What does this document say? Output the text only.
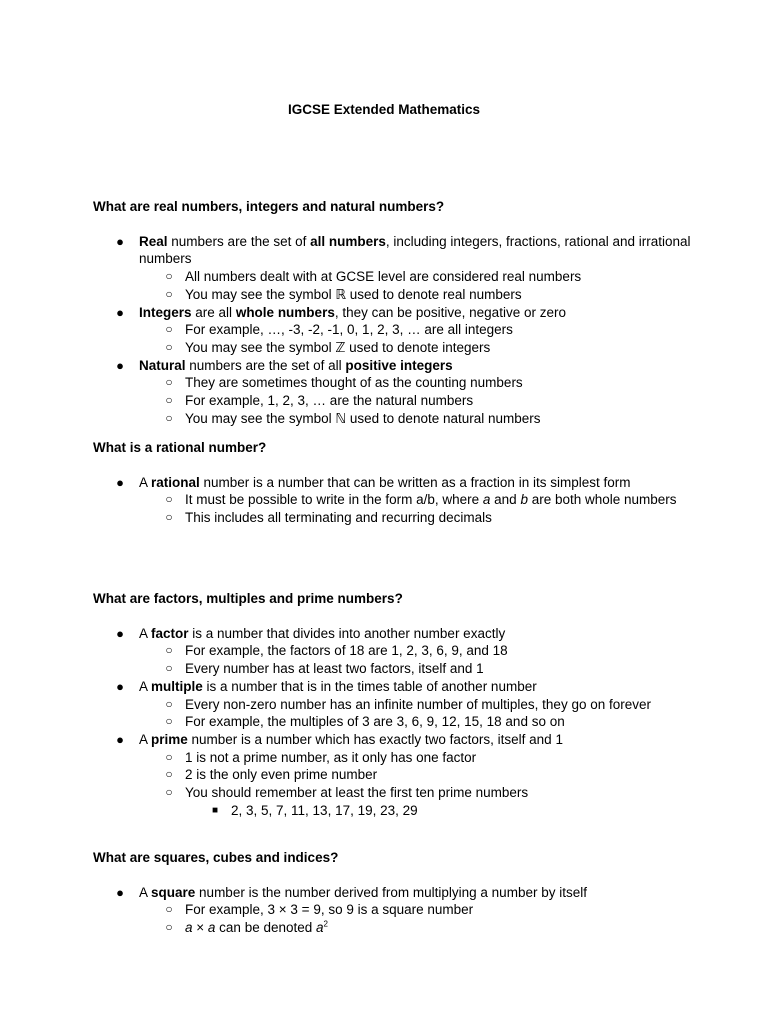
IGCSE Extended Mathematics

What are real numbers, integers and natural numbers?

● Real numbers are the set of all numbers, including integers, fractions, rational and irrational numbers

○ All numbers dealt with at GCSE level are considered real numbers

○ You may see the symbol ℝ used to denote real numbers

● Integers are all whole numbers, they can be positive, negative or zero

○ For example, …, -3, -2, -1, 0, 1, 2, 3, … are all integers

○ You may see the symbol ℤ used to denote integers

● Natural numbers are the set of all positive integers

○ They are sometimes thought of as the counting numbers

○ For example, 1, 2, 3, … are the natural numbers

○ You may see the symbol ℕ used to denote natural numbers

What is a rational number?

● A rational number is a number that can be written as a fraction in its simplest form

○ It must be possible to write in the form a/b, where a and b are both whole numbers

○ This includes all terminating and recurring decimals

What are factors, multiples and prime numbers?

● A factor is a number that divides into another number exactly

○ For example, the factors of 18 are 1, 2, 3, 6, 9, and 18

○ Every number has at least two factors, itself and 1

● A multiple is a number that is in the times table of another number

○ Every non-zero number has an infinite number of multiples, they go on forever

○ For example, the multiples of 3 are 3, 6, 9, 12, 15, 18 and so on

● A prime number is a number which has exactly two factors, itself and 1

○ 1 is not a prime number, as it only has one factor

○ 2 is the only even prime number

○ You should remember at least the first ten prime numbers

■ 2, 3, 5, 7, 11, 13, 17, 19, 23, 29

What are squares, cubes and indices?

● A square number is the number derived from multiplying a number by itself

○ For example, 3 × 3 = 9, so 9 is a square number

○ a × a can be denoted $a^2$
